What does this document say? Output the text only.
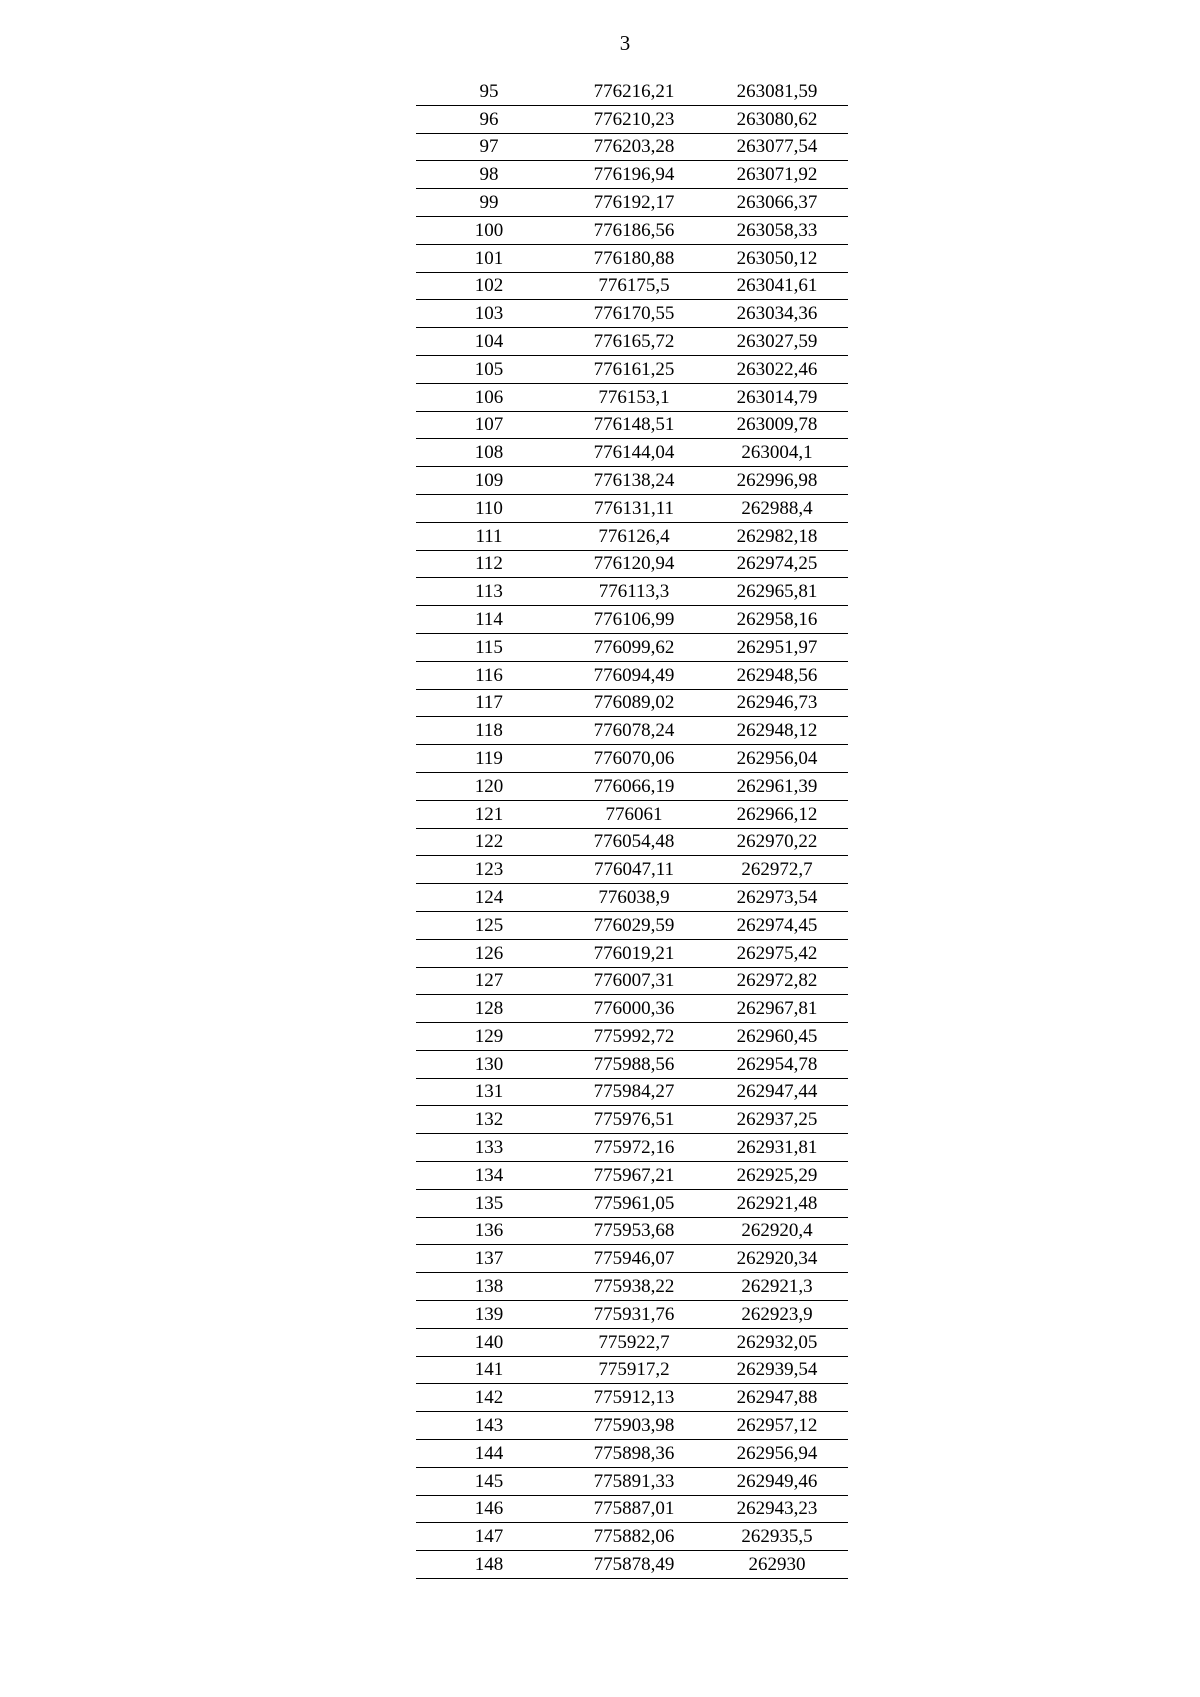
3
95	776216,21	263081,59
96	776210,23	263080,62
97	776203,28	263077,54
98	776196,94	263071,92
99	776192,17	263066,37
100	776186,56	263058,33
101	776180,88	263050,12
102	776175,5	263041,61
103	776170,55	263034,36
104	776165,72	263027,59
105	776161,25	263022,46
106	776153,1	263014,79
107	776148,51	263009,78
108	776144,04	263004,1
109	776138,24	262996,98
110	776131,11	262988,4
111	776126,4	262982,18
112	776120,94	262974,25
113	776113,3	262965,81
114	776106,99	262958,16
115	776099,62	262951,97
116	776094,49	262948,56
117	776089,02	262946,73
118	776078,24	262948,12
119	776070,06	262956,04
120	776066,19	262961,39
121	776061	262966,12
122	776054,48	262970,22
123	776047,11	262972,7
124	776038,9	262973,54
125	776029,59	262974,45
126	776019,21	262975,42
127	776007,31	262972,82
128	776000,36	262967,81
129	775992,72	262960,45
130	775988,56	262954,78
131	775984,27	262947,44
132	775976,51	262937,25
133	775972,16	262931,81
134	775967,21	262925,29
135	775961,05	262921,48
136	775953,68	262920,4
137	775946,07	262920,34
138	775938,22	262921,3
139	775931,76	262923,9
140	775922,7	262932,05
141	775917,2	262939,54
142	775912,13	262947,88
143	775903,98	262957,12
144	775898,36	262956,94
145	775891,33	262949,46
146	775887,01	262943,23
147	775882,06	262935,5
148	775878,49	262930
